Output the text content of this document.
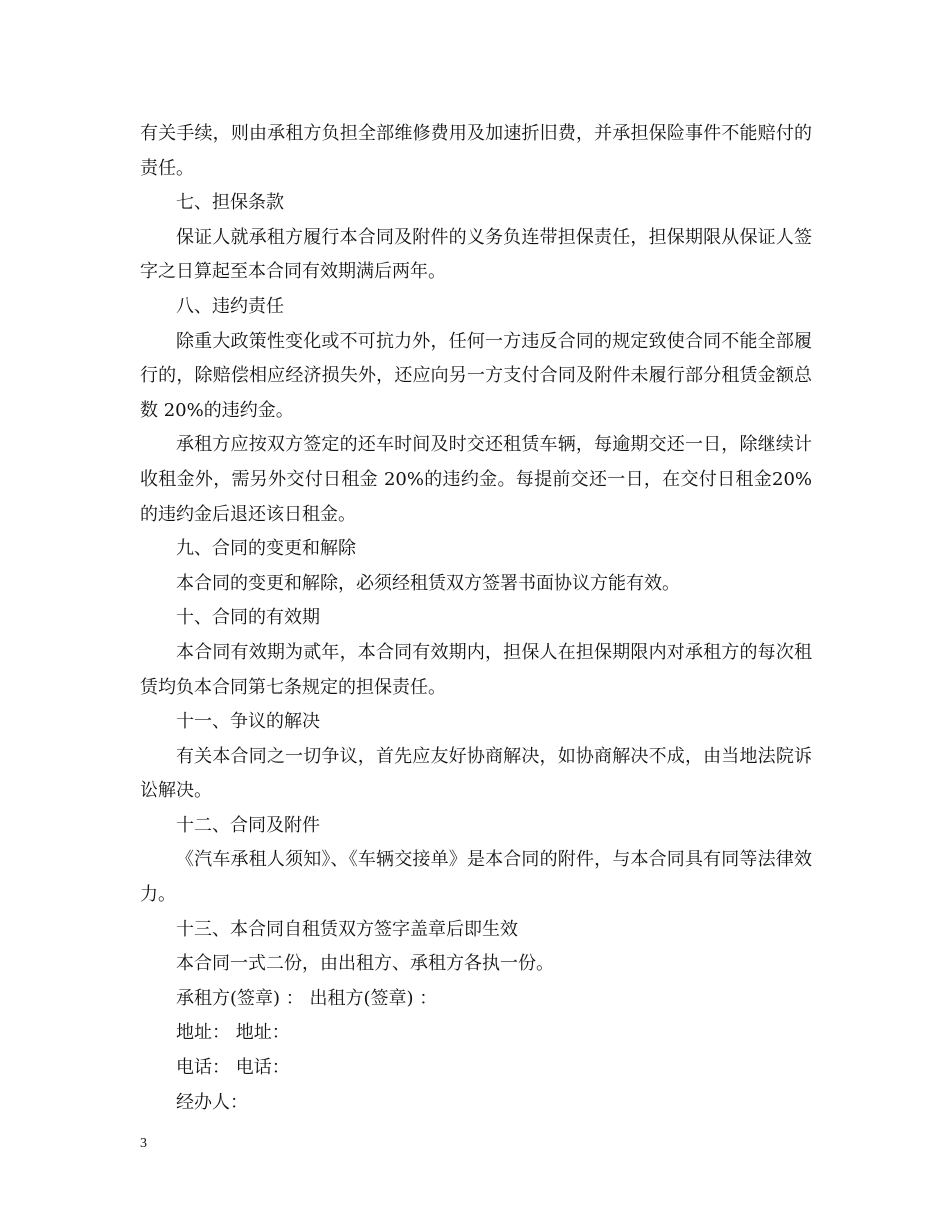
有关手续，则由承租方负担全部维修费用及加速折旧费，并承担保险事件不能赔付的责任。

七、担保条款

保证人就承租方履行本合同及附件的义务负连带担保责任，担保期限从保证人签字之日算起至本合同有效期满后两年。

八、违约责任

除重大政策性变化或不可抗力外，任何一方违反合同的规定致使合同不能全部履行的，除赔偿相应经济损失外，还应向另一方支付合同及附件未履行部分租赁金额总数 20%的违约金。

承租方应按双方签定的还车时间及时交还租赁车辆，每逾期交还一日，除继续计收租金外，需另外交付日租金 20%的违约金。每提前交还一日，在交付日租金20%的违约金后退还该日租金。

九、合同的变更和解除

本合同的变更和解除，必须经租赁双方签署书面协议方能有效。

十、合同的有效期

本合同有效期为贰年，本合同有效期内，担保人在担保期限内对承租方的每次租赁均负本合同第七条规定的担保责任。

十一、争议的解决

有关本合同之一切争议，首先应友好协商解决，如协商解决不成，由当地法院诉讼解决。

十二、合同及附件

《汽车承租人须知》、《车辆交接单》是本合同的附件，与本合同具有同等法律效力。

十三、本合同自租赁双方签字盖章后即生效

本合同一式二份，由出租方、承租方各执一份。

承租方(签章) ： 出租方(签章) ：

地址： 地址：

电话： 电话：

经办人：

3
